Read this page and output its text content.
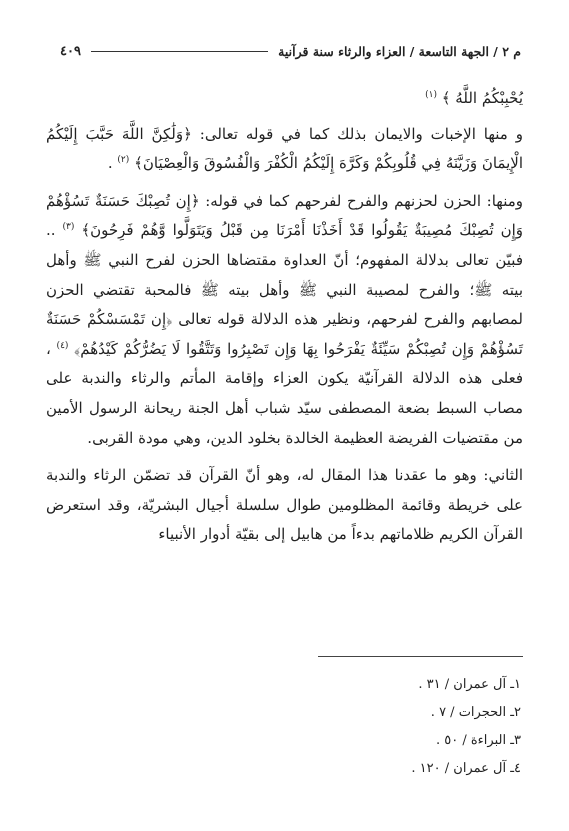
م ٢ / الجهة التاسعة / العزاء والرثاء سنة قرآنية
٤٠٩

يُحْبِبْكُمُ اللَّهُ ﴾ $^{(١)}$

و منها الإخبات والايمان بذلك كما في قوله تعالى: ﴿وَلَٰكِنَّ اللَّهَ حَبَّبَ إِلَيْكُمُ الْإِيمَانَ وَزَيَّنَهُ فِي قُلُوبِكُمْ وَكَرَّهَ إِلَيْكُمُ الْكُفْرَ وَالْفُسُوقَ وَالْعِصْيَانَ﴾ $^{(٢)}$ .

ومنها: الحزن لحزنهم والفرح لفرحهم كما في قوله: ﴿إِن تُصِبْكَ حَسَنَةٌ تَسُؤْهُمْ وَإِن تُصِبْكَ مُصِيبَةٌ يَقُولُوا قَدْ أَخَذْنَا أَمْرَنَا مِن قَبْلُ وَيَتَوَلَّوا وَّهُمْ فَرِحُونَ﴾ $^{(٣)}$ .. فبيّن تعالى بدلالة المفهوم؛ أنّ العداوة مقتضاها الحزن لفرح النبي ﷺ وأهل بيته ﷺ؛ والفرح لمصيبة النبي ﷺ وأهل بيته ﷺ فالمحبة تقتضي الحزن لمصابهم والفرح لفرحهم، ونظير هذه الدلالة قوله تعالى ﴿إِن تَمْسَسْكُمْ حَسَنَةٌ تَسُؤْهُمْ وَإِن تُصِبْكُمْ سَيِّئَةٌ يَفْرَحُوا بِهَا وَإِن تَصْبِرُوا وَتَتَّقُوا لَا يَضُرُّكُمْ كَيْدُهُمْ﴾ $^{(٤)}$ ، فعلى هذه الدلالة القرآنيّة يكون العزاء وإقامة المأتم والرثاء والندبة على مصاب السبط بضعة المصطفى سيّد شباب أهل الجنة ريحانة الرسول الأمين من مقتضيات الفريضة العظيمة الخالدة بخلود الدين، وهي مودة القربى.

الثاني: وهو ما عقدنا هذا المقال له، وهو أنّ القرآن قد تضمّن الرثاء والندبة على خريطة وقائمة المظلومين طوال سلسلة أجيال البشريّة، وقد استعرض القرآن الكريم ظلاماتهم بدءاً من هابيل إلى بقيّة أدوار الأنبياء

١ـ آل عمران / ٣١ .
٢ـ الحجرات / ٧ .
٣ـ البراءة / ٥٠ .
٤ـ آل عمران / ١٢٠ .
